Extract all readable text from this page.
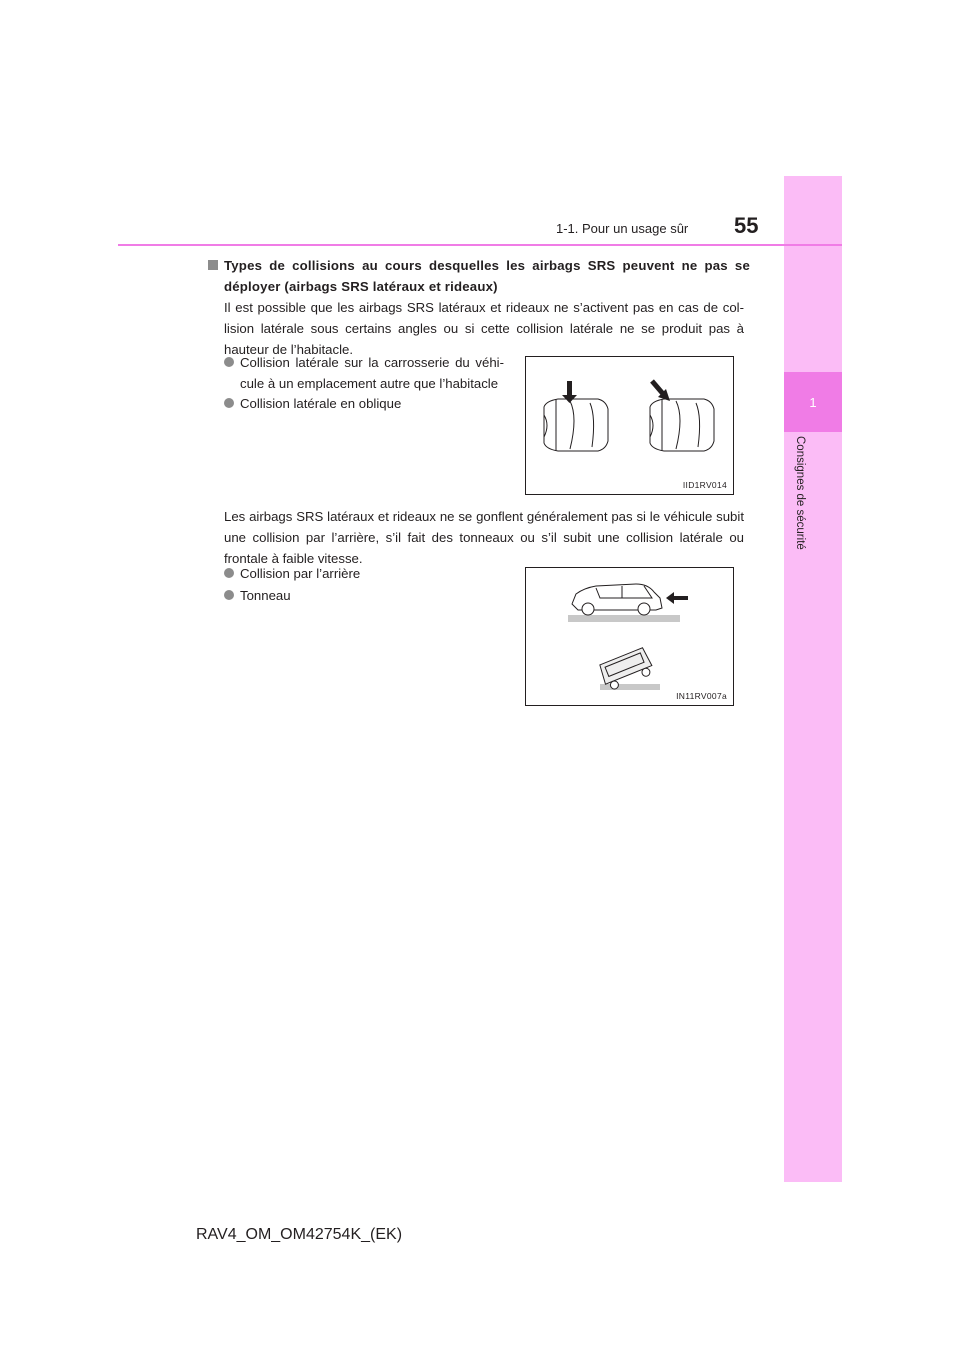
1
Consignes de sécurité
1-1. Pour un usage sûr 55
Types de collisions au cours desquelles les airbags SRS peuvent ne pas se déployer (airbags SRS latéraux et rideaux)
Il est possible que les airbags SRS latéraux et rideaux ne s’activent pas en cas de col-lision latérale sous certains angles ou si cette collision latérale ne se produit pas à hauteur de l’habitacle.
Collision latérale sur la carrosserie du véhi-cule à un emplacement autre que l’habitacle
Collision latérale en oblique
IID1RV014
Les airbags SRS latéraux et rideaux ne se gonflent généralement pas si le véhicule subit une collision par l’arrière, s’il fait des tonneaux ou s’il subit une collision latérale ou frontale à faible vitesse.
Collision par l’arrière
Tonneau
IN11RV007a
RAV4_OM_OM42754K_(EK)
